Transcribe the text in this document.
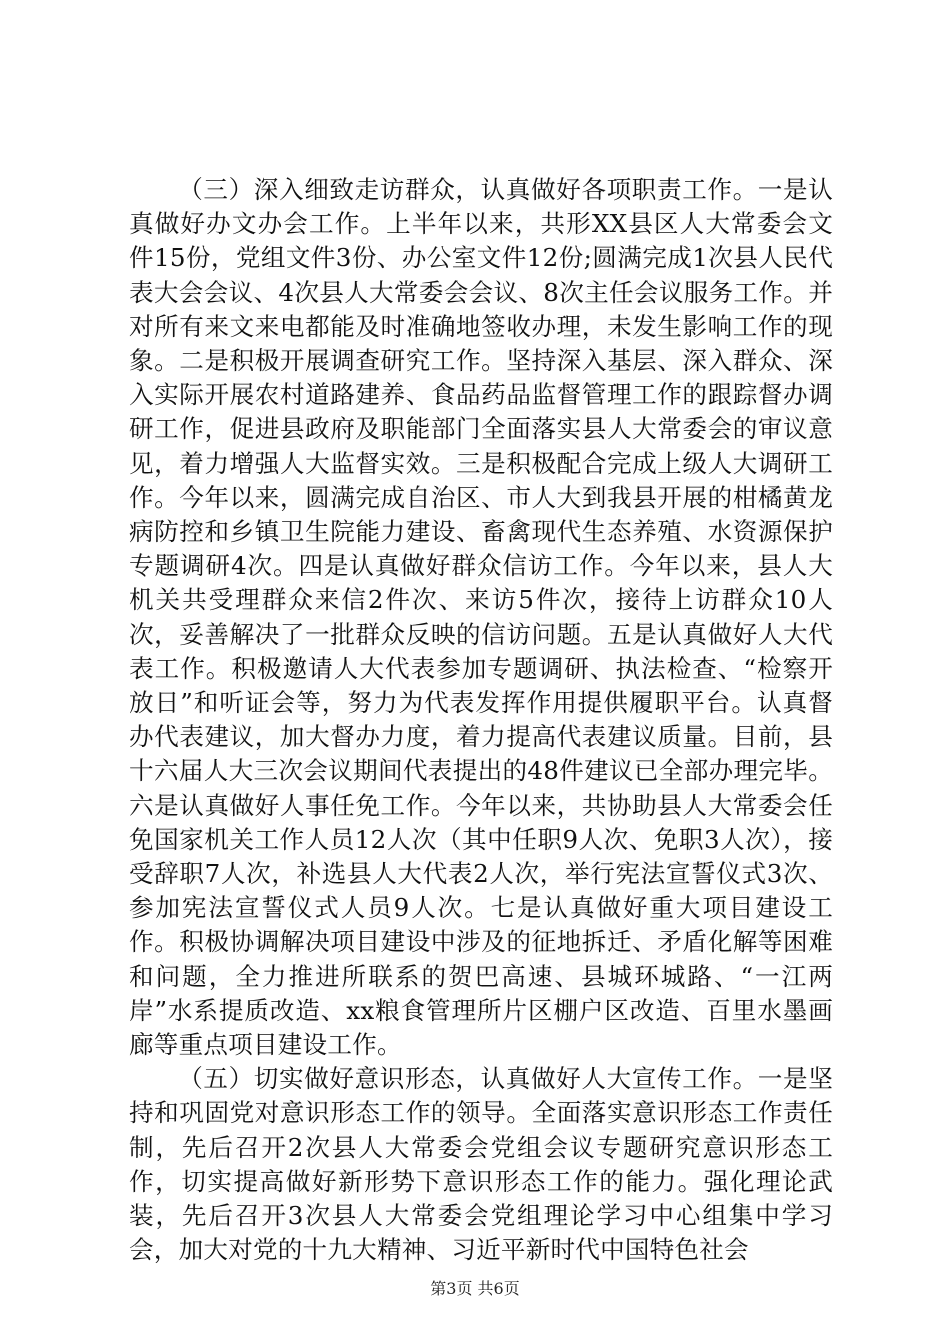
（三）深入细致走访群众，认真做好各项职责工作。一是认真做好办文办会工作。上半年以来，共形XX县区人大常委会文件15份，党组文件3份、办公室文件12份;圆满完成1次县人民代表大会会议、4次县人大常委会会议、8次主任会议服务工作。并对所有来文来电都能及时准确地签收办理，未发生影响工作的现象。二是积极开展调查研究工作。坚持深入基层、深入群众、深入实际开展农村道路建养、食品药品监督管理工作的跟踪督办调研工作，促进县政府及职能部门全面落实县人大常委会的审议意见，着力增强人大监督实效。三是积极配合完成上级人大调研工作。今年以来，圆满完成自治区、市人大到我县开展的柑橘黄龙病防控和乡镇卫生院能力建设、畜禽现代生态养殖、水资源保护专题调研4次。四是认真做好群众信访工作。今年以来，县人大机关共受理群众来信2件次、来访5件次，接待上访群众10人次，妥善解决了一批群众反映的信访问题。五是认真做好人大代表工作。积极邀请人大代表参加专题调研、执法检查、“检察开放日”和听证会等，努力为代表发挥作用提供履职平台。认真督办代表建议，加大督办力度，着力提高代表建议质量。目前，县十六届人大三次会议期间代表提出的48件建议已全部办理完毕。六是认真做好人事任免工作。今年以来，共协助县人大常委会任免国家机关工作人员12人次（其中任职9人次、免职3人次），接受辞职7人次，补选县人大代表2人次，举行宪法宣誓仪式3次、参加宪法宣誓仪式人员9人次。七是认真做好重大项目建设工作。积极协调解决项目建设中涉及的征地拆迁、矛盾化解等困难和问题，全力推进所联系的贺巴高速、县城环城路、“一江两岸”水系提质改造、xx粮食管理所片区棚户区改造、百里水墨画廊等重点项目建设工作。

（五）切实做好意识形态，认真做好人大宣传工作。一是坚持和巩固党对意识形态工作的领导。全面落实意识形态工作责任制，先后召开2次县人大常委会党组会议专题研究意识形态工作，切实提高做好新形势下意识形态工作的能力。强化理论武装，先后召开3次县人大常委会党组理论学习中心组集中学习会，加大对党的十九大精神、习近平新时代中国特色社会

第3页 共6页
